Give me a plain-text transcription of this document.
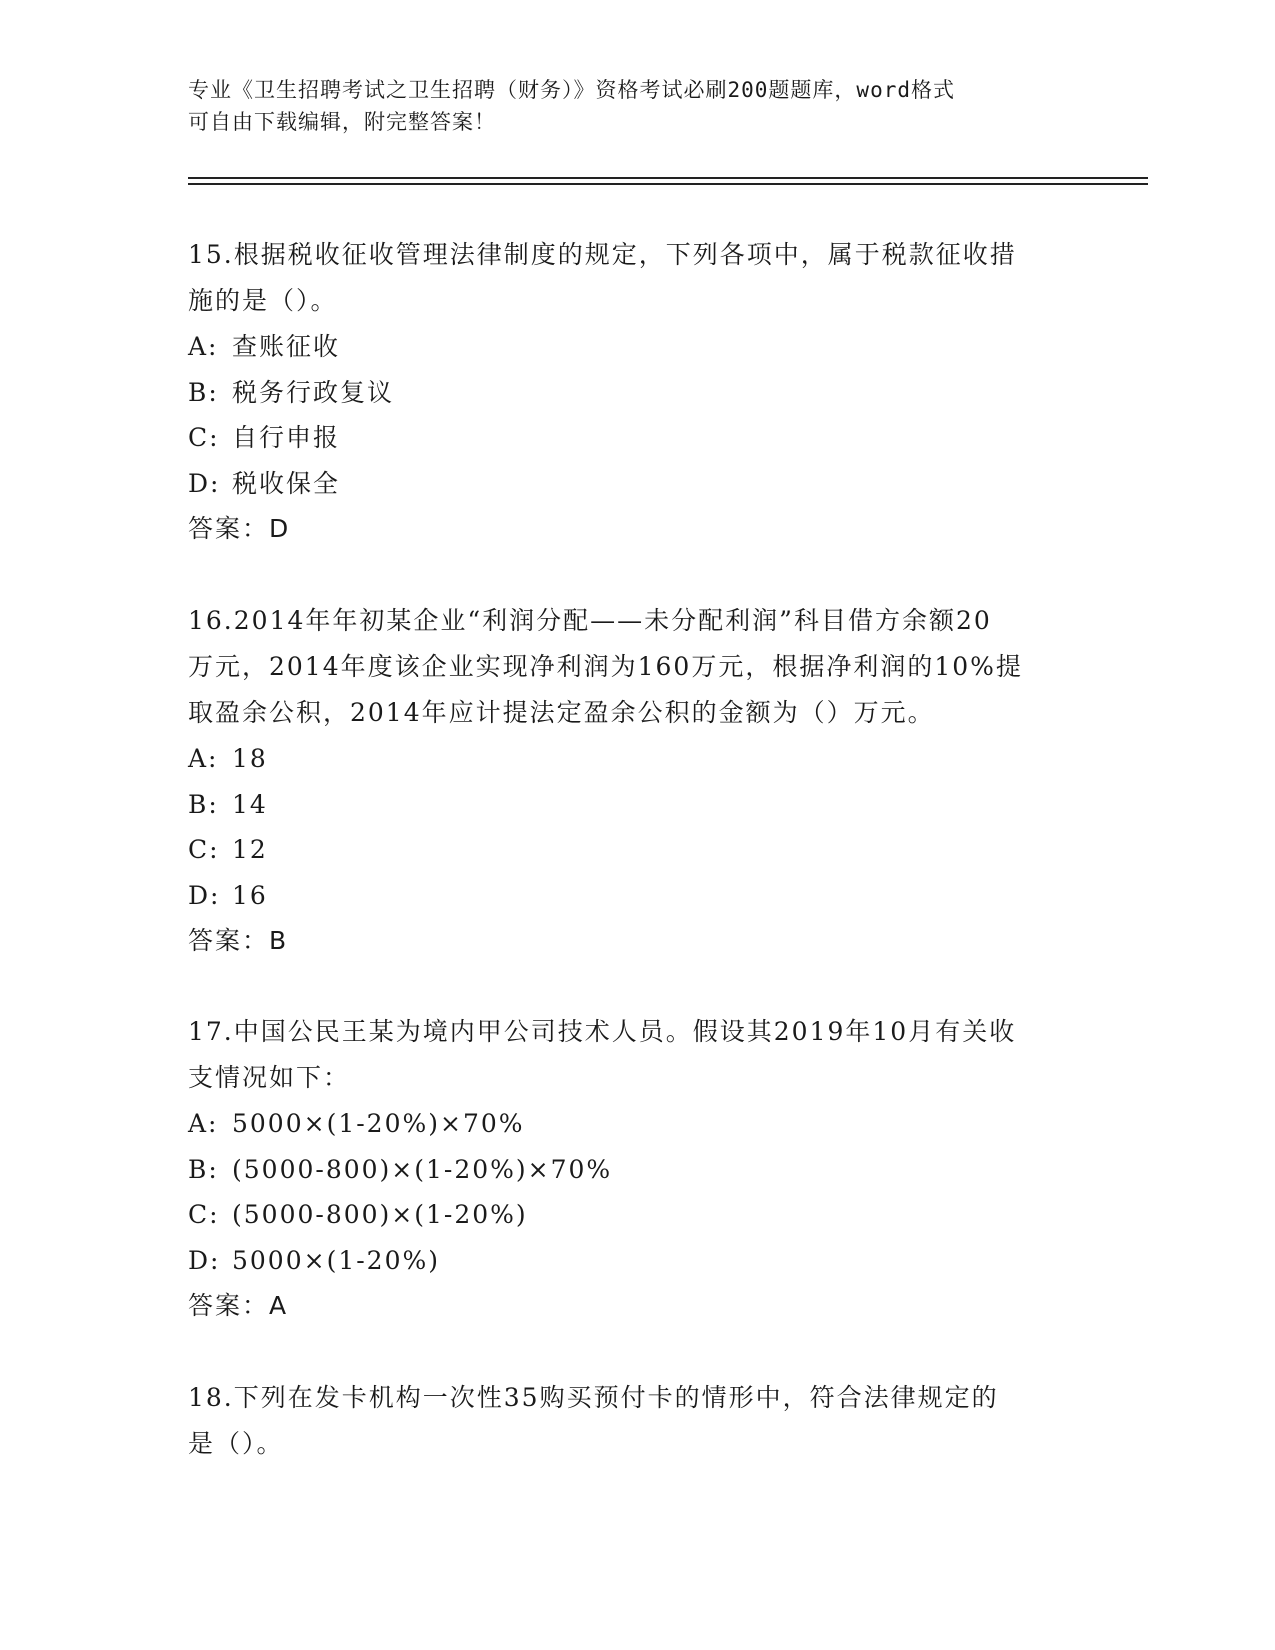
专业《卫生招聘考试之卫生招聘（财务）》资格考试必刷200题题库，word格式
可自由下载编辑，附完整答案！

15.根据税收征收管理法律制度的规定，下列各项中，属于税款征收措

施的是（）。

A: 查账征收

B: 税务行政复议

C: 自行申报

D: 税收保全

答案：D

16.2014年年初某企业“利润分配——未分配利润”科目借方余额20

万元，2014年度该企业实现净利润为160万元，根据净利润的10%提

取盈余公积，2014年应计提法定盈余公积的金额为（）万元。

A: 18

B: 14

C: 12

D: 16

答案：B

17.中国公民王某为境内甲公司技术人员。假设其2019年10月有关收

支情况如下：

A: 5000×(1-20%)×70%

B: (5000-800)×(1-20%)×70%

C: (5000-800)×(1-20%)

D: 5000×(1-20%)

答案：A

18.下列在发卡机构一次性35购买预付卡的情形中，符合法律规定的

是（）。
